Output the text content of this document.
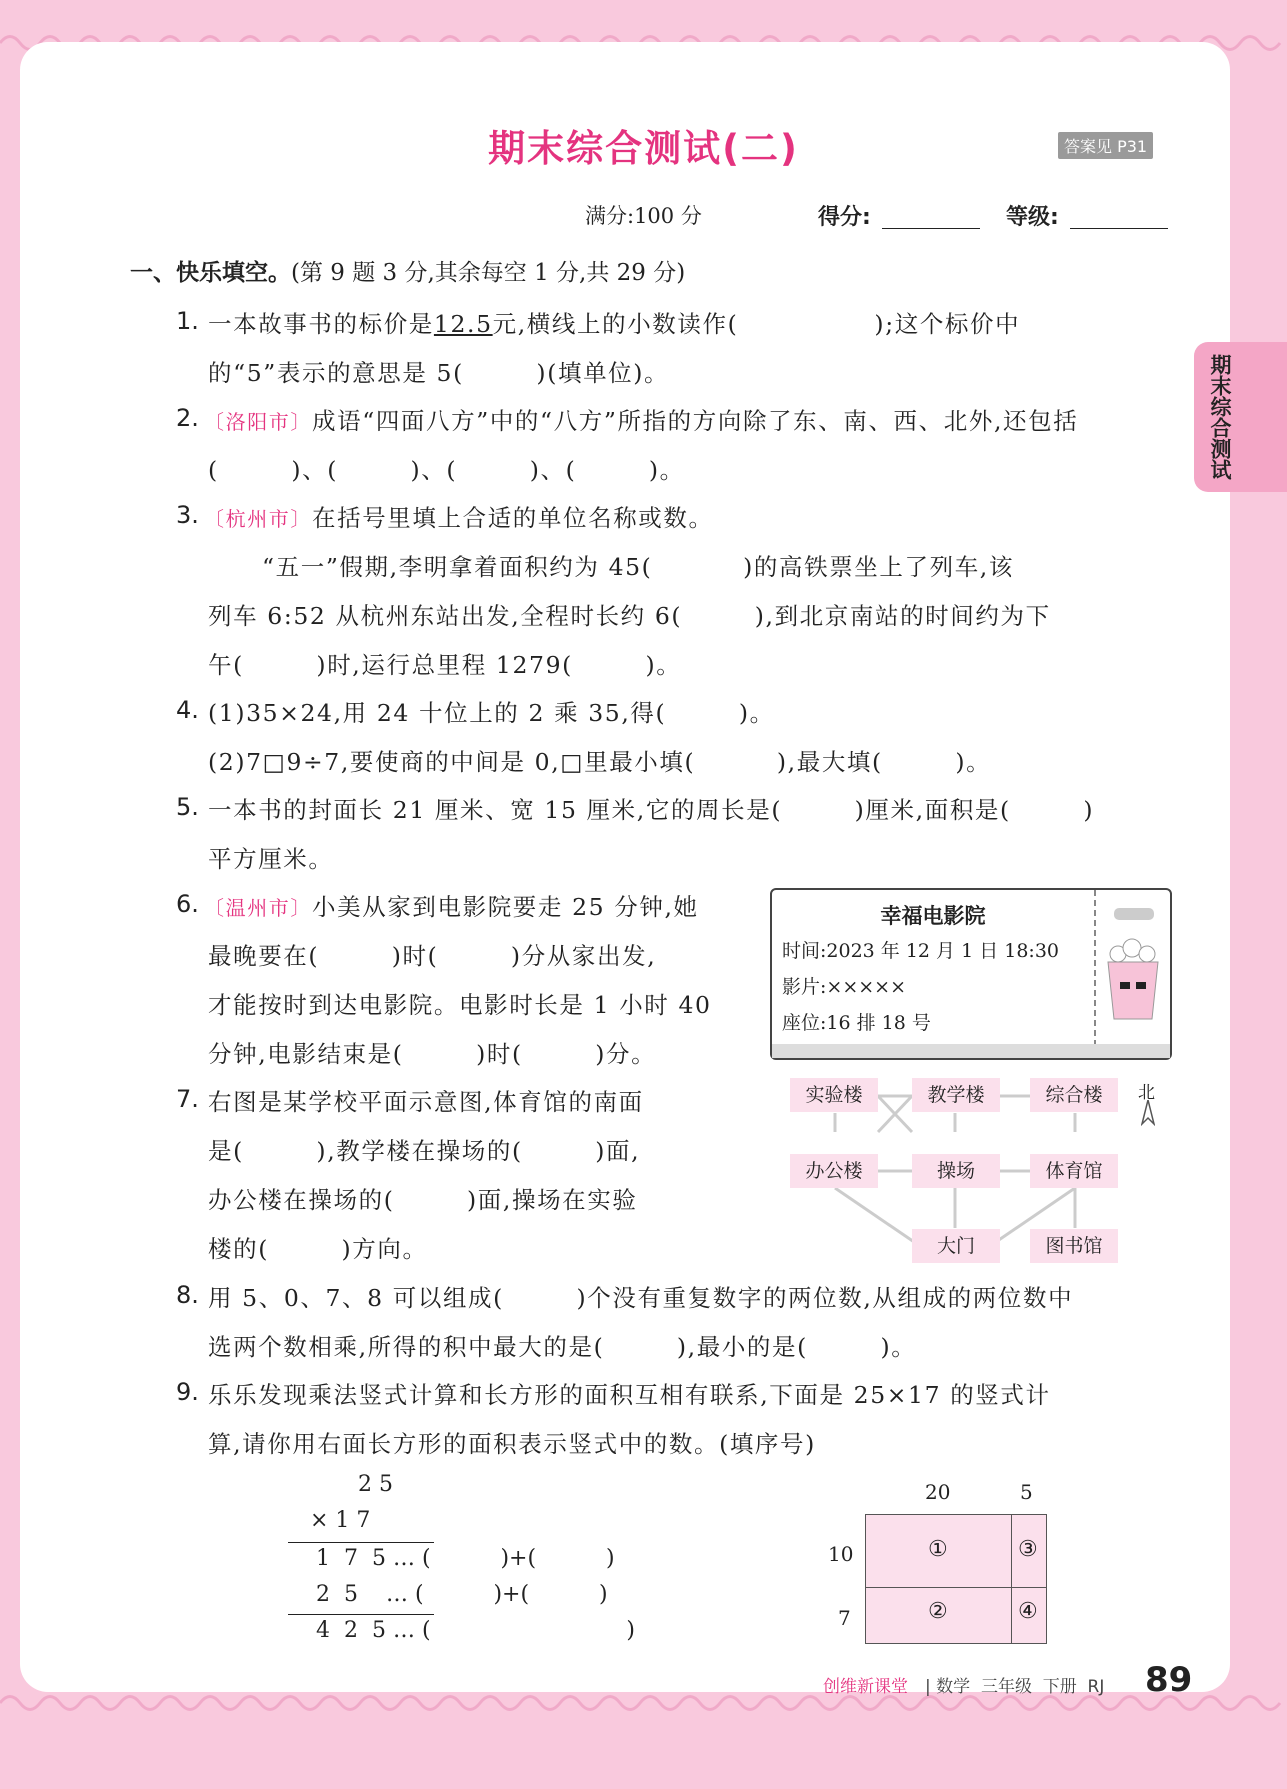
期末综合测试
期末综合测试(二)	答案见 P31
满分:100 分	得分:	等级:
一、快乐填空。(第 9 题 3 分,其余每空 1 分,共 29 分)
1. 一本故事书的标价是12.5元,横线上的小数读作(               );这个标价中
的“5”表示的意思是 5(        )(填单位)。
2. 〔洛阳市〕成语“四面八方”中的“八方”所指的方向除了东、南、西、北外,还包括
(        )、(        )、(        )、(        )。
3. 〔杭州市〕在括号里填上合适的单位名称或数。
“五一”假期,李明拿着面积约为 45(          )的高铁票坐上了列车,该
列车 6:52 从杭州东站出发,全程时长约 6(        ),到北京南站的时间约为下
午(        )时,运行总里程 1279(        )。
4. (1)35×24,用 24 十位上的 2 乘 35,得(        )。
(2)7□9÷7,要使商的中间是 0,□里最小填(         ),最大填(        )。
5. 一本书的封面长 21 厘米、宽 15 厘米,它的周长是(        )厘米,面积是(        )
平方厘米。
6. 〔温州市〕小美从家到电影院要走 25 分钟,她
最晚要在(        )时(        )分从家出发,
才能按时到达电影院。电影时长是 1 小时 40
分钟,电影结束是(        )时(        )分。
幸福电影院
时间:2023 年 12 月 1 日 18:30
影片:×××××
座位:16 排 18 号
7. 右图是某学校平面示意图,体育馆的南面
是(        ),教学楼在操场的(        )面,
办公楼在操场的(        )面,操场在实验
楼的(        )方向。
实验楼	教学楼	综合楼
办公楼	操场	体育馆
大门	图书馆
北
8. 用 5、0、7、8 可以组成(        )个没有重复数字的两位数,从组成的两位数中
选两个数相乘,所得的积中最大的是(        ),最小的是(        )。
9. 乐乐发现乘法竖式计算和长方形的面积互相有联系,下面是 25×17 的竖式计
算,请你用右面长方形的面积表示竖式中的数。(填序号)
2 5
× 1 7
1  7  5 … (          )+(          )
2  5    … (          )+(          )
4  2  5 … (                            )
20	5
10
7
①	③
②	④
创维新课堂 | 数学  三年级  下册  RJ 89
